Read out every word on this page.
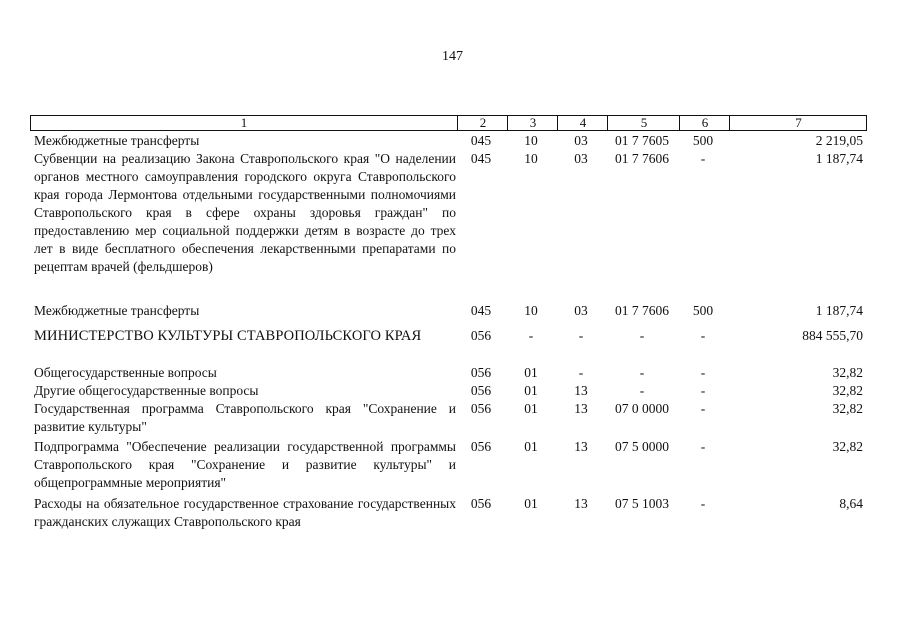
147
1	2	3	4	5	6	7
Межбюджетные трансферты	045	10	03	01 7 7605	500	2 219,05
Субвенции на реализацию Закона Ставропольского края "О наделении органов местного самоуправления городского округа Ставропольского края города Лермонтова отдельными государственными полномочиями Ставропольского края в сфере охраны здоровья граждан" по предоставлению мер социальной поддержки детям в возрасте до трех лет в виде бесплатного обеспечения лекарственными препаратами по рецептам врачей (фельдшеров)
045	10	03	01 7 7606	-	1 187,74
Межбюджетные трансферты	045	10	03	01 7 7606	500	1 187,74
МИНИСТЕРСТВО КУЛЬТУРЫ СТАВРОПОЛЬСКОГО КРАЯ	056	-	-	-	-	884 555,70
Общегосударственные вопросы	056	01	-	-	-	32,82
Другие общегосударственные вопросы	056	01	13	-	-	32,82
Государственная программа Ставропольского края "Сохранение и развитие культуры"
056	01	13	07 0 0000	-	32,82
Подпрограмма "Обеспечение реализации государственной программы Ставропольского края "Сохранение и развитие культуры" и общепрограммные мероприятия"
056	01	13	07 5 0000	-	32,82
Расходы на обязательное государственное страхование государственных гражданских служащих Ставропольского края
056	01	13	07 5 1003	-	8,64
